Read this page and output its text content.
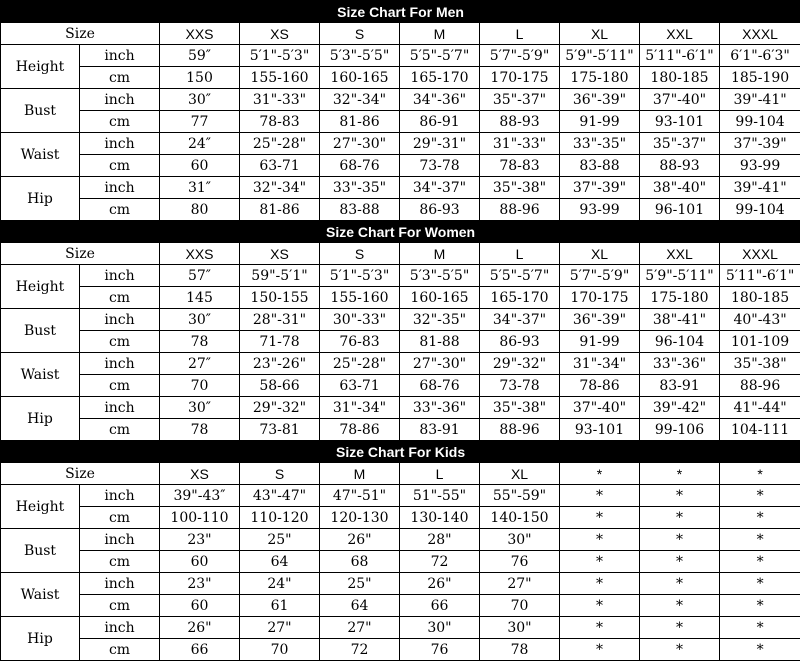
Size Chart For Men									
Size		XXS	XS	S	M	L	XL	XXL	XXXL
Height	inch	59″	5′1"-5′3"	5′3"-5′5"	5′5"-5′7"	5′7"-5′9"	5′9"-5′11"	5′11"-6′1"	6′1"-6′3"
	cm	150	155-160	160-165	165-170	170-175	175-180	180-185	185-190
Bust	inch	30″	31"-33"	32"-34"	34"-36"	35"-37"	36"-39"	37"-40"	39"-41"
	cm	77	78-83	81-86	86-91	88-93	91-99	93-101	99-104
Waist	inch	24″	25"-28"	27"-30"	29"-31"	31"-33"	33"-35"	35"-37"	37"-39"
	cm	60	63-71	68-76	73-78	78-83	83-88	88-93	93-99
Hip	inch	31″	32"-34"	33"-35"	34"-37"	35"-38"	37"-39"	38"-40"	39"-41"
	cm	80	81-86	83-88	86-93	88-96	93-99	96-101	99-104
Size Chart For Women									
Size		XXS	XS	S	M	L	XL	XXL	XXXL
Height	inch	57″	59"-5′1"	5′1"-5′3"	5′3"-5′5"	5′5"-5′7"	5′7"-5′9"	5′9"-5′11"	5′11"-6′1"
	cm	145	150-155	155-160	160-165	165-170	170-175	175-180	180-185
Bust	inch	30″	28"-31"	30"-33"	32"-35"	34"-37"	36"-39"	38"-41"	40"-43"
	cm	78	71-78	76-83	81-88	86-93	91-99	96-104	101-109
Waist	inch	27″	23"-26"	25"-28"	27"-30"	29"-32"	31"-34"	33"-36"	35"-38"
	cm	70	58-66	63-71	68-76	73-78	78-86	83-91	88-96
Hip	inch	30″	29"-32"	31"-34"	33"-36"	35"-38"	37"-40"	39"-42"	41"-44"
	cm	78	73-81	78-86	83-91	88-96	93-101	99-106	104-111
Size Chart For Kids									
Size		XS	S	M	L	XL	*	*	*
Height	inch	39"-43″	43"-47"	47"-51"	51"-55"	55"-59"	*	*	*
	cm	100-110	110-120	120-130	130-140	140-150	*	*	*
Bust	inch	23"	25"	26"	28"	30"	*	*	*
	cm	60	64	68	72	76	*	*	*
Waist	inch	23"	24"	25"	26"	27"	*	*	*
	cm	60	61	64	66	70	*	*	*
Hip	inch	26"	27"	27"	30"	30"	*	*	*
	cm	66	70	72	76	78	*	*	*
